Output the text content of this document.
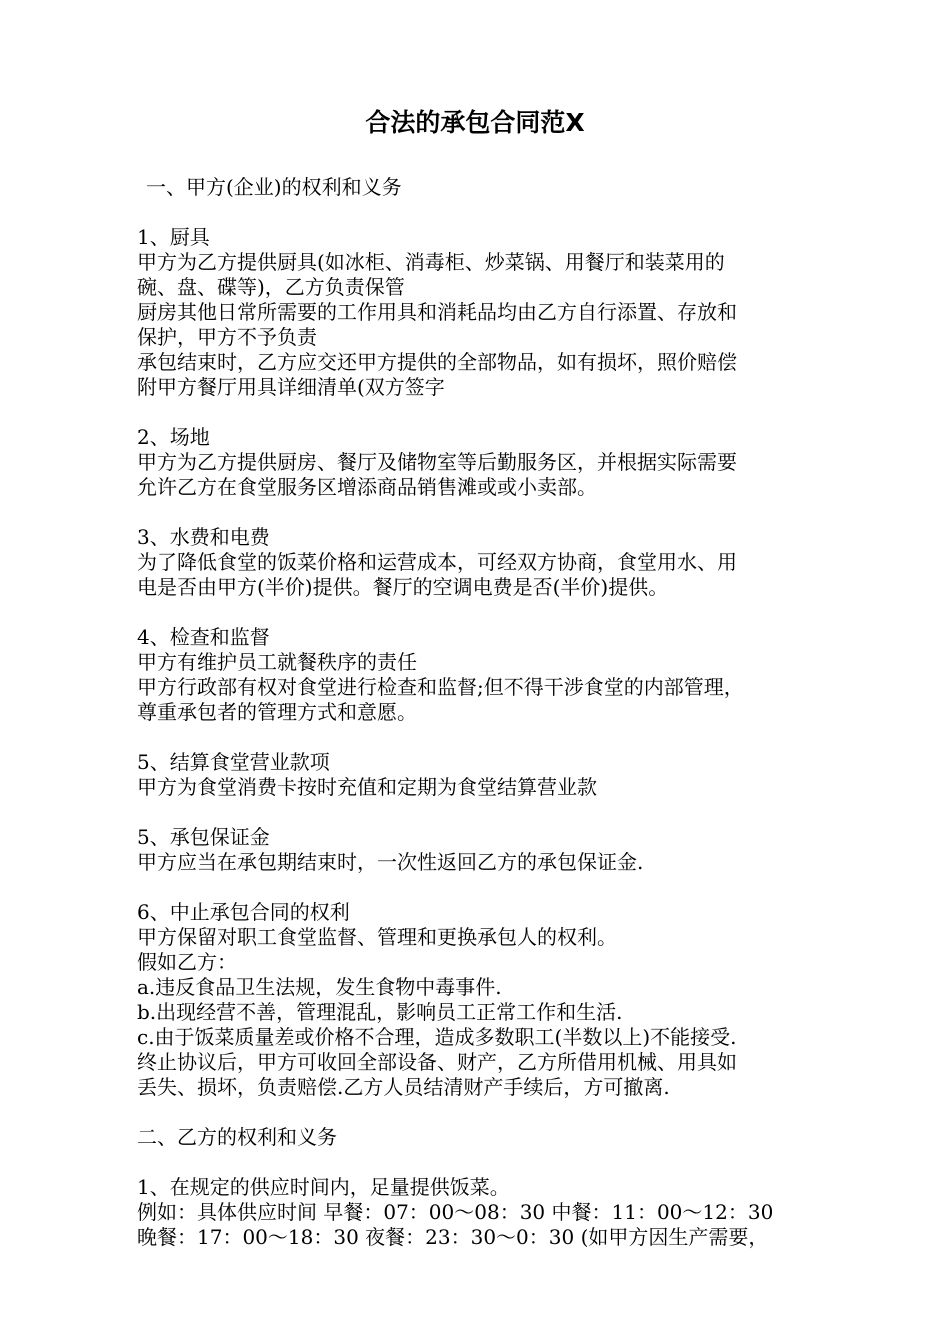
合法的承包合同范X
一、甲方(企业)的权利和义务
1、厨具
甲方为乙方提供厨具(如冰柜、消毒柜、炒菜锅、用餐厅和装菜用的
碗、盘、碟等)，乙方负责保管
厨房其他日常所需要的工作用具和消耗品均由乙方自行添置、存放和
保护，甲方不予负责
承包结束时，乙方应交还甲方提供的全部物品，如有损坏，照价赔偿
附甲方餐厅用具详细清单(双方签字
2、场地
甲方为乙方提供厨房、餐厅及储物室等后勤服务区，并根据实际需要
允许乙方在食堂服务区增添商品销售滩或或小卖部。
3、水费和电费
为了降低食堂的饭菜价格和运营成本，可经双方协商，食堂用水、用
电是否由甲方(半价)提供。餐厅的空调电费是否(半价)提供。
4、检查和监督
甲方有维护员工就餐秩序的责任
甲方行政部有权对食堂进行检查和监督;但不得干涉食堂的内部管理，
尊重承包者的管理方式和意愿。
5、结算食堂营业款项
甲方为食堂消费卡按时充值和定期为食堂结算营业款
5、承包保证金
甲方应当在承包期结束时，一次性返回乙方的承包保证金.
6、中止承包合同的权利
甲方保留对职工食堂监督、管理和更换承包人的权利。
假如乙方：
a.违反食品卫生法规，发生食物中毒事件.
b.出现经营不善，管理混乱，影响员工正常工作和生活.
c.由于饭菜质量差或价格不合理，造成多数职工(半数以上)不能接受.
终止协议后，甲方可收回全部设备、财产，乙方所借用机械、用具如
丢失、损坏，负责赔偿.乙方人员结清财产手续后，方可撤离.
二、乙方的权利和义务
1、在规定的供应时间内，足量提供饭菜。
例如：具体供应时间 早餐：07：00～08：30 中餐：11：00～12：30
晚餐：17：00～18：30 夜餐：23：30～0：30 (如甲方因生产需要，
